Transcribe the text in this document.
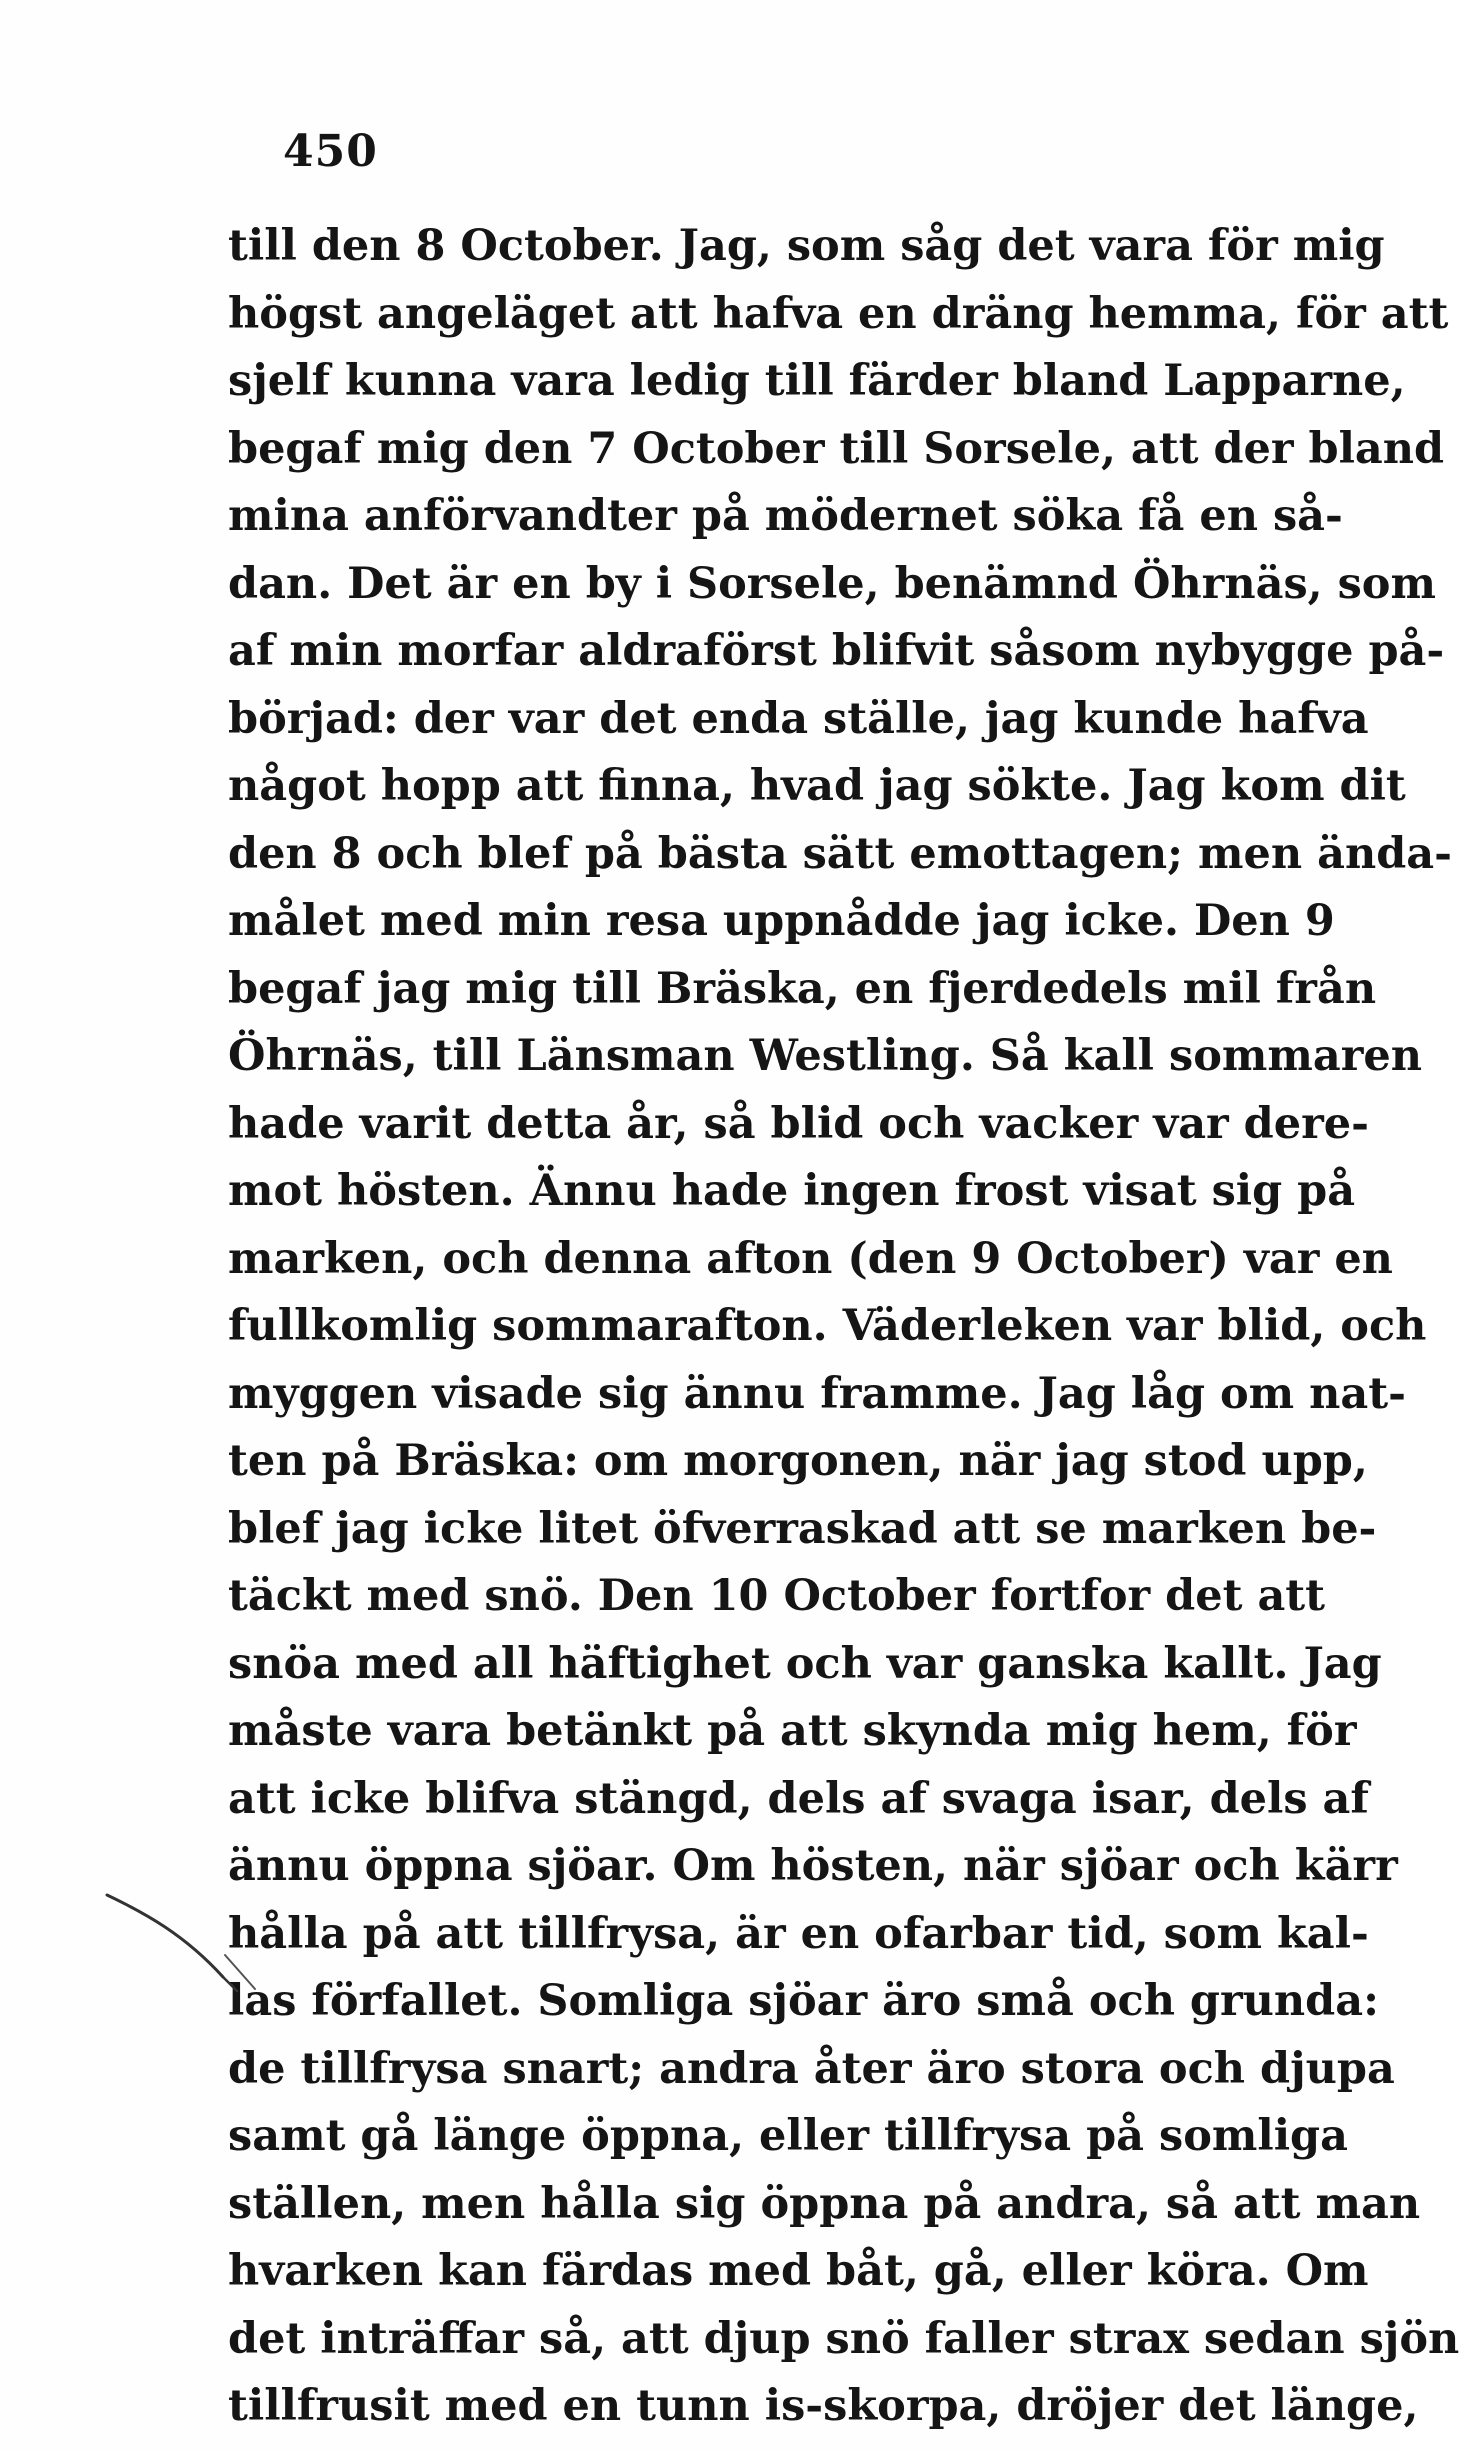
450
till den 8 October. Jag, som såg det vara för mig
högst angeläget att hafva en dräng hemma, för att
sjelf kunna vara ledig till färder bland Lapparne,
begaf mig den 7 October till Sorsele, att der bland
mina anförvandter på mödernet söka få en så-
dan. Det är en by i Sorsele, benämnd Öhrnäs, som
af min morfar aldraförst blifvit såsom nybygge på-
börjad: der var det enda ställe, jag kunde hafva
något hopp att finna, hvad jag sökte. Jag kom dit
den 8 och blef på bästa sätt emottagen; men ända-
målet med min resa uppnådde jag icke. Den 9
begaf jag mig till Bräska, en fjerdedels mil från
Öhrnäs, till Länsman Westling. Så kall sommaren
hade varit detta år, så blid och vacker var dere-
mot hösten. Ännu hade ingen frost visat sig på
marken, och denna afton (den 9 October) var en
fullkomlig sommarafton. Väderleken var blid, och
myggen visade sig ännu framme. Jag låg om nat-
ten på Bräska: om morgonen, när jag stod upp,
blef jag icke litet öfverraskad att se marken be-
täckt med snö. Den 10 October fortfor det att
snöa med all häftighet och var ganska kallt. Jag
måste vara betänkt på att skynda mig hem, för
att icke blifva stängd, dels af svaga isar, dels af
ännu öppna sjöar. Om hösten, när sjöar och kärr
hålla på att tillfrysa, är en ofarbar tid, som kal-
las förfallet. Somliga sjöar äro små och grunda:
de tillfrysa snart; andra åter äro stora och djupa
samt gå länge öppna, eller tillfrysa på somliga
ställen, men hålla sig öppna på andra, så att man
hvarken kan färdas med båt, gå, eller köra. Om
det inträffar så, att djup snö faller strax sedan sjön
tillfrusit med en tunn is-skorpa, dröjer det länge,
